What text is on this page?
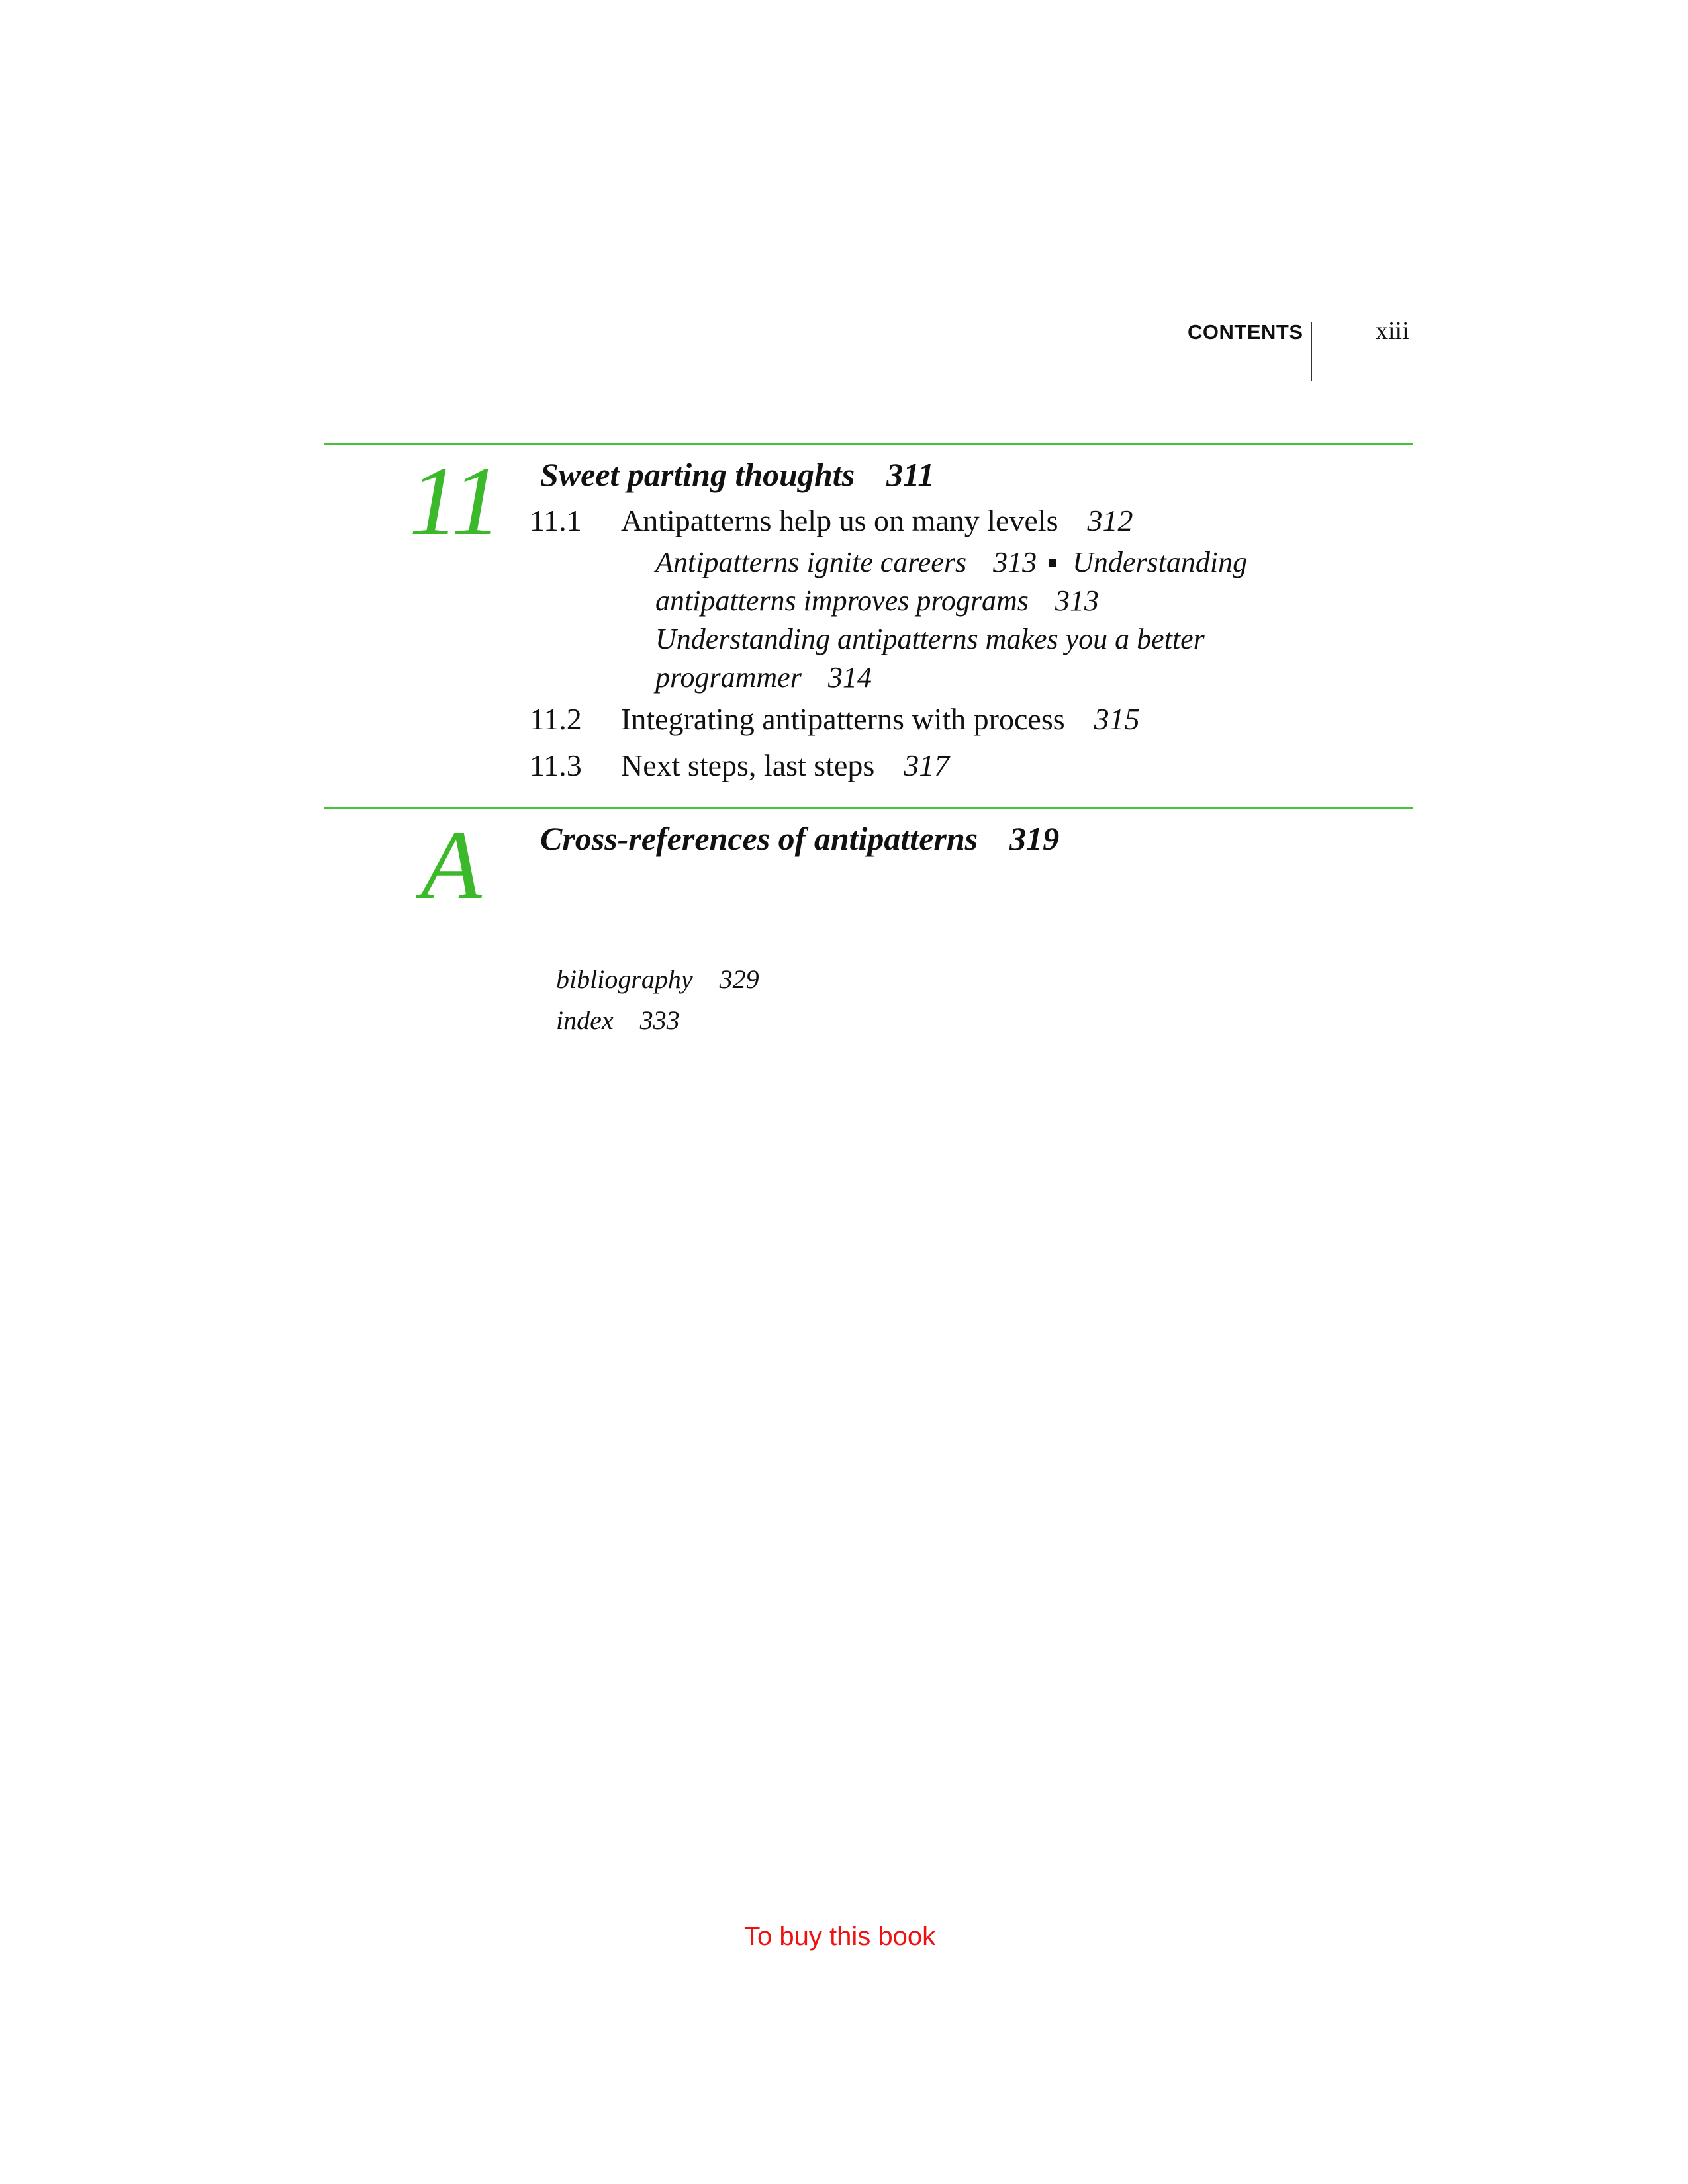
CONTENTS	xiii
11 Sweet parting thoughts 311
11.1 Antipatterns help us on many levels 312
Antipatterns ignite careers 313 Understanding
antipatterns improves programs 313
Understanding antipatterns makes you a better
programmer 314
11.2 Integrating antipatterns with process 315
11.3 Next steps, last steps 317
A Cross-references of antipatterns 319
bibliography 329
index 333
To buy this book
